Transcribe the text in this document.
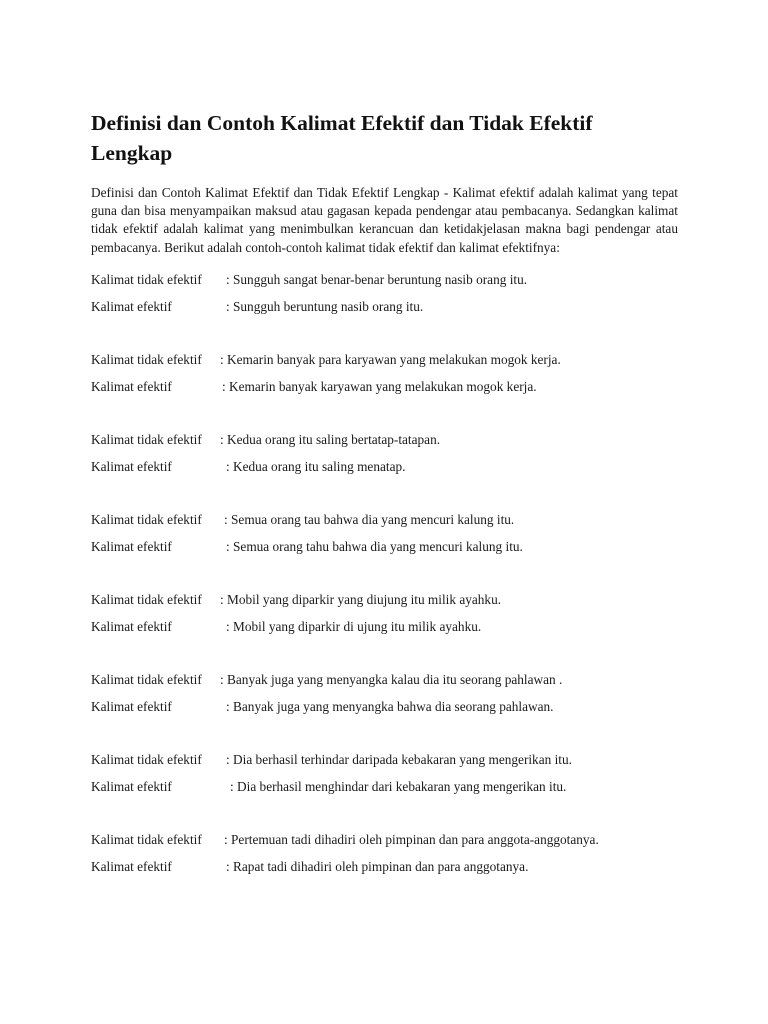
Definisi dan Contoh Kalimat Efektif dan Tidak Efektif Lengkap

Definisi dan Contoh Kalimat Efektif dan Tidak Efektif Lengkap - Kalimat efektif adalah kalimat yang tepat guna dan bisa menyampaikan maksud atau gagasan kepada pendengar atau pembacanya. Sedangkan kalimat tidak efektif adalah kalimat yang menimbulkan kerancuan dan ketidakjelasan makna bagi pendengar atau pembacanya. Berikut adalah contoh-contoh kalimat tidak efektif dan kalimat efektifnya:

Kalimat tidak efektif : Sungguh sangat benar-benar beruntung nasib orang itu.
Kalimat efektif	: Sungguh beruntung nasib orang itu.
Kalimat tidak efektif : Kemarin banyak para karyawan yang melakukan mogok kerja.
Kalimat efektif	: Kemarin banyak karyawan yang melakukan mogok kerja.
Kalimat tidak efektif : Kedua orang itu saling bertatap-tatapan.
Kalimat efektif	: Kedua orang itu saling menatap.
Kalimat tidak efektif : Semua orang tau bahwa dia yang mencuri kalung itu.
Kalimat efektif	: Semua orang tahu bahwa dia yang mencuri kalung itu.
Kalimat tidak efektif : Mobil yang diparkir yang diujung itu milik ayahku.
Kalimat efektif	: Mobil yang diparkir di ujung itu milik ayahku.
Kalimat tidak efektif : Banyak juga yang menyangka kalau dia itu seorang pahlawan .
Kalimat efektif	: Banyak juga yang menyangka bahwa dia seorang pahlawan.
Kalimat tidak efektif : Dia berhasil terhindar daripada kebakaran yang mengerikan itu.
Kalimat efektif	: Dia berhasil menghindar dari kebakaran yang mengerikan itu.
Kalimat tidak efektif : Pertemuan tadi dihadiri oleh pimpinan dan para anggota-anggotanya.
Kalimat efektif	: Rapat tadi dihadiri oleh pimpinan dan para anggotanya.
